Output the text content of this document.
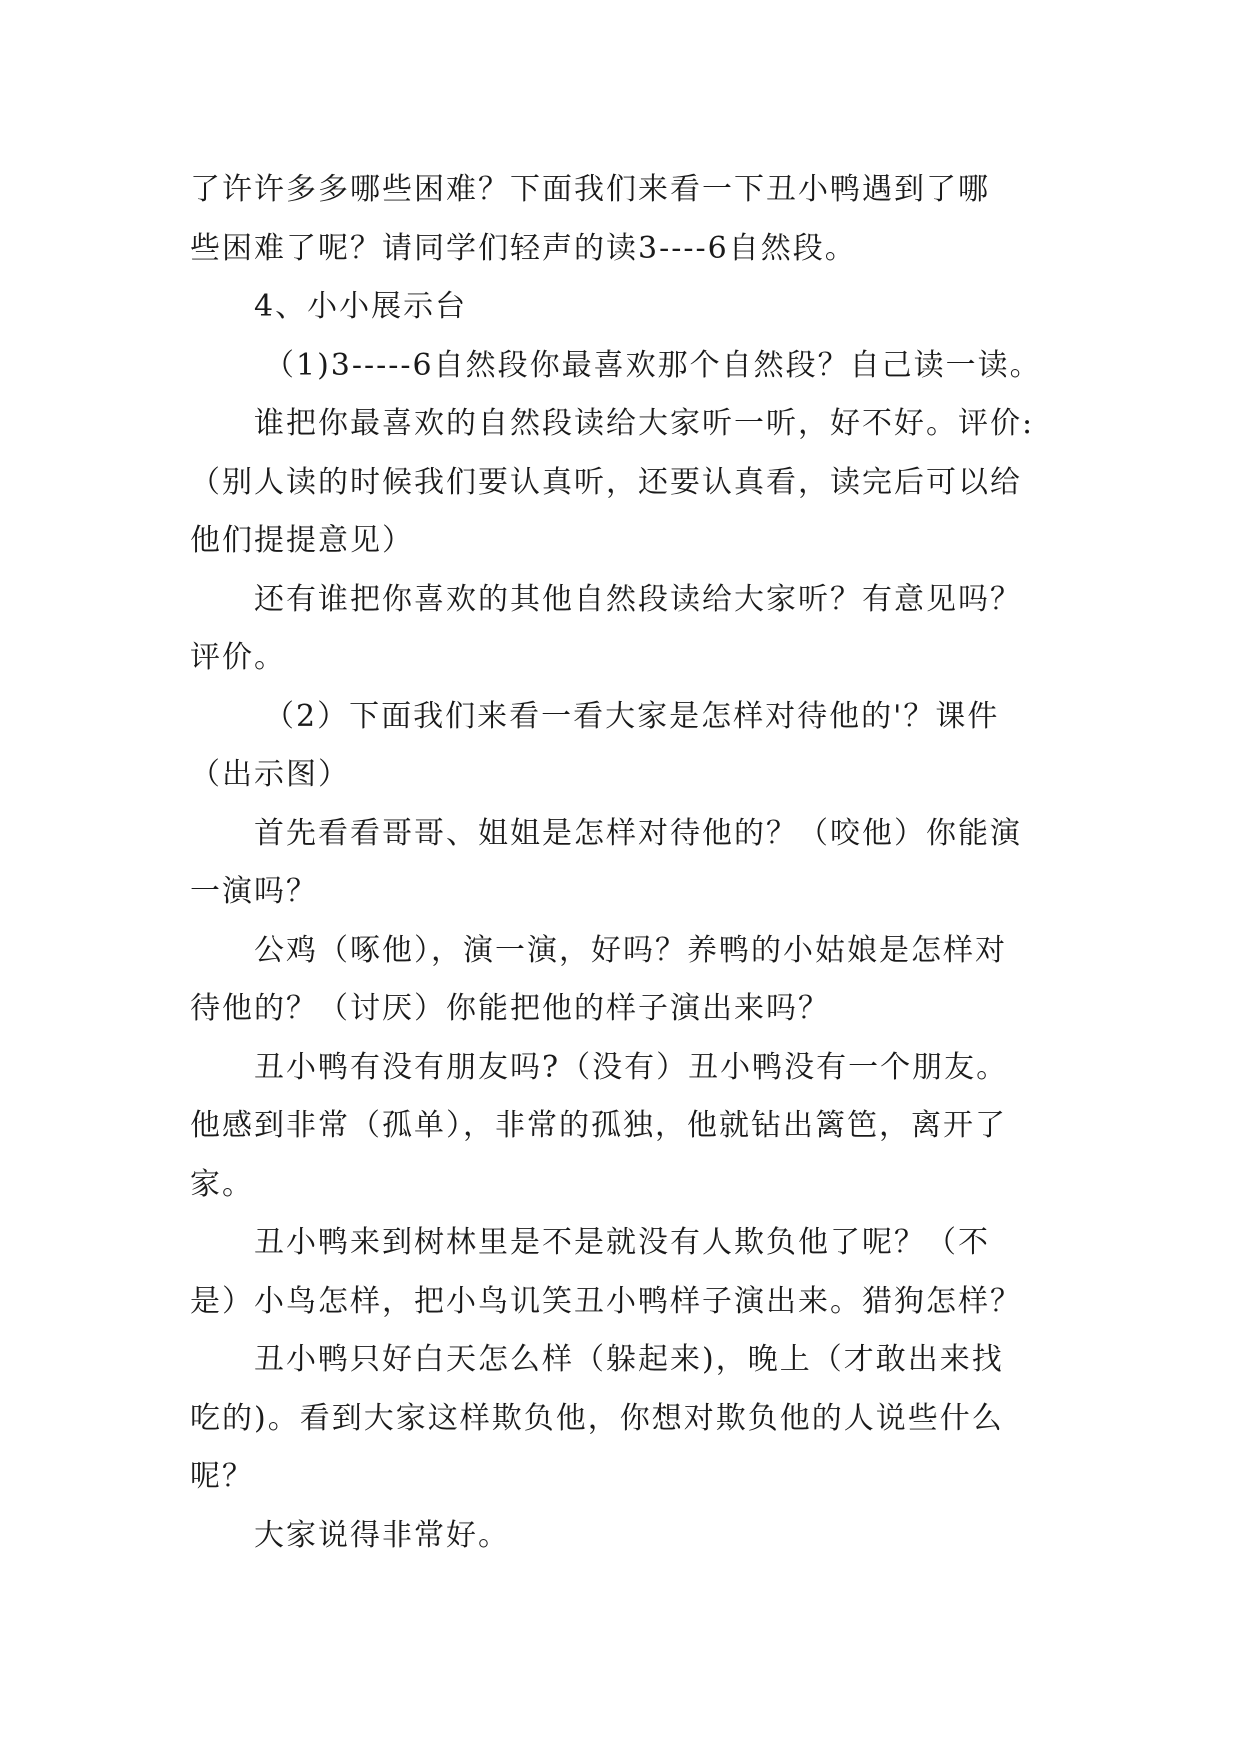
了许许多多哪些困难？下面我们来看一下丑小鸭遇到了哪
些困难了呢？请同学们轻声的读3----6自然段。
4、小小展示台
（1)3-----6自然段你最喜欢那个自然段？自己读一读。
谁把你最喜欢的自然段读给大家听一听，好不好。评价:
（别人读的时候我们要认真听，还要认真看，读完后可以给
他们提提意见）
还有谁把你喜欢的其他自然段读给大家听？有意见吗？
评价。
（2）下面我们来看一看大家是怎样对待他的'？课件
（出示图）
首先看看哥哥、姐姐是怎样对待他的？（咬他）你能演
一演吗？
公鸡（啄他），演一演，好吗？养鸭的小姑娘是怎样对
待他的？（讨厌）你能把他的样子演出来吗？
丑小鸭有没有朋友吗?（没有）丑小鸭没有一个朋友。
他感到非常（孤单），非常的孤独，他就钻出篱笆，离开了
家。
丑小鸭来到树林里是不是就没有人欺负他了呢？（不
是）小鸟怎样，把小鸟讥笑丑小鸭样子演出来。猎狗怎样？
丑小鸭只好白天怎么样（躲起来)，晚上（才敢出来找
吃的)。看到大家这样欺负他，你想对欺负他的人说些什么
呢？
大家说得非常好。
